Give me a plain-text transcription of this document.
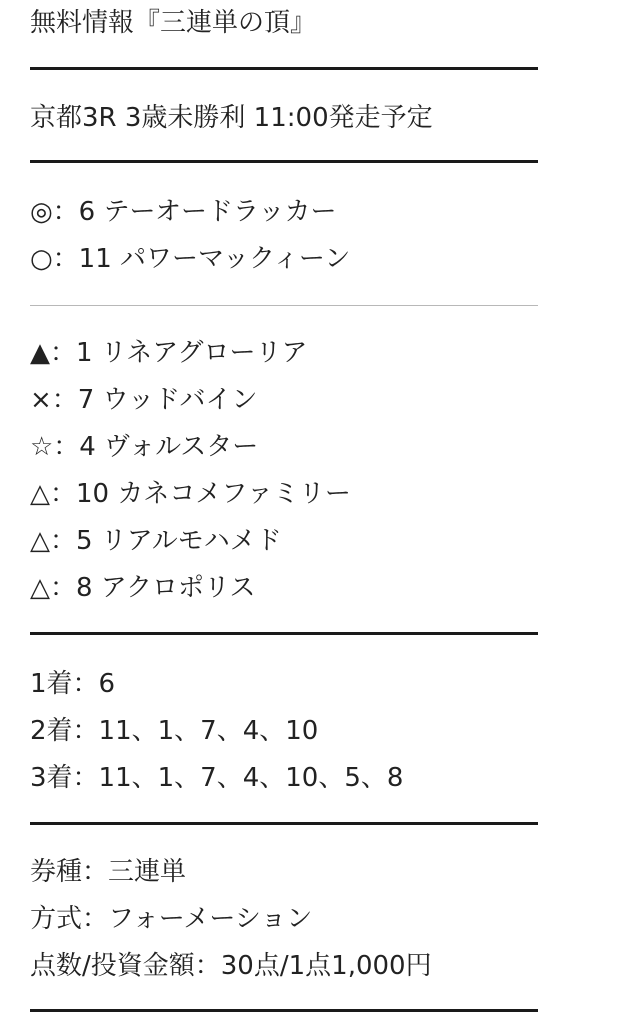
無料情報『三連単の頂』
京都3R 3歳未勝利 11:00発走予定
◎：6 テーオードラッカー
○：11 パワーマックィーン
▲：1 リネアグローリア
×：7 ウッドバイン
☆：4 ヴォルスター
△：10 カネコメファミリー
△：5 リアルモハメド
△：8 アクロポリス
1着：6
2着：11、1、7、4、10
3着：11、1、7、4、10、5、8
券種：三連単
方式：フォーメーション
点数/投資金額：30点/1点1,000円
